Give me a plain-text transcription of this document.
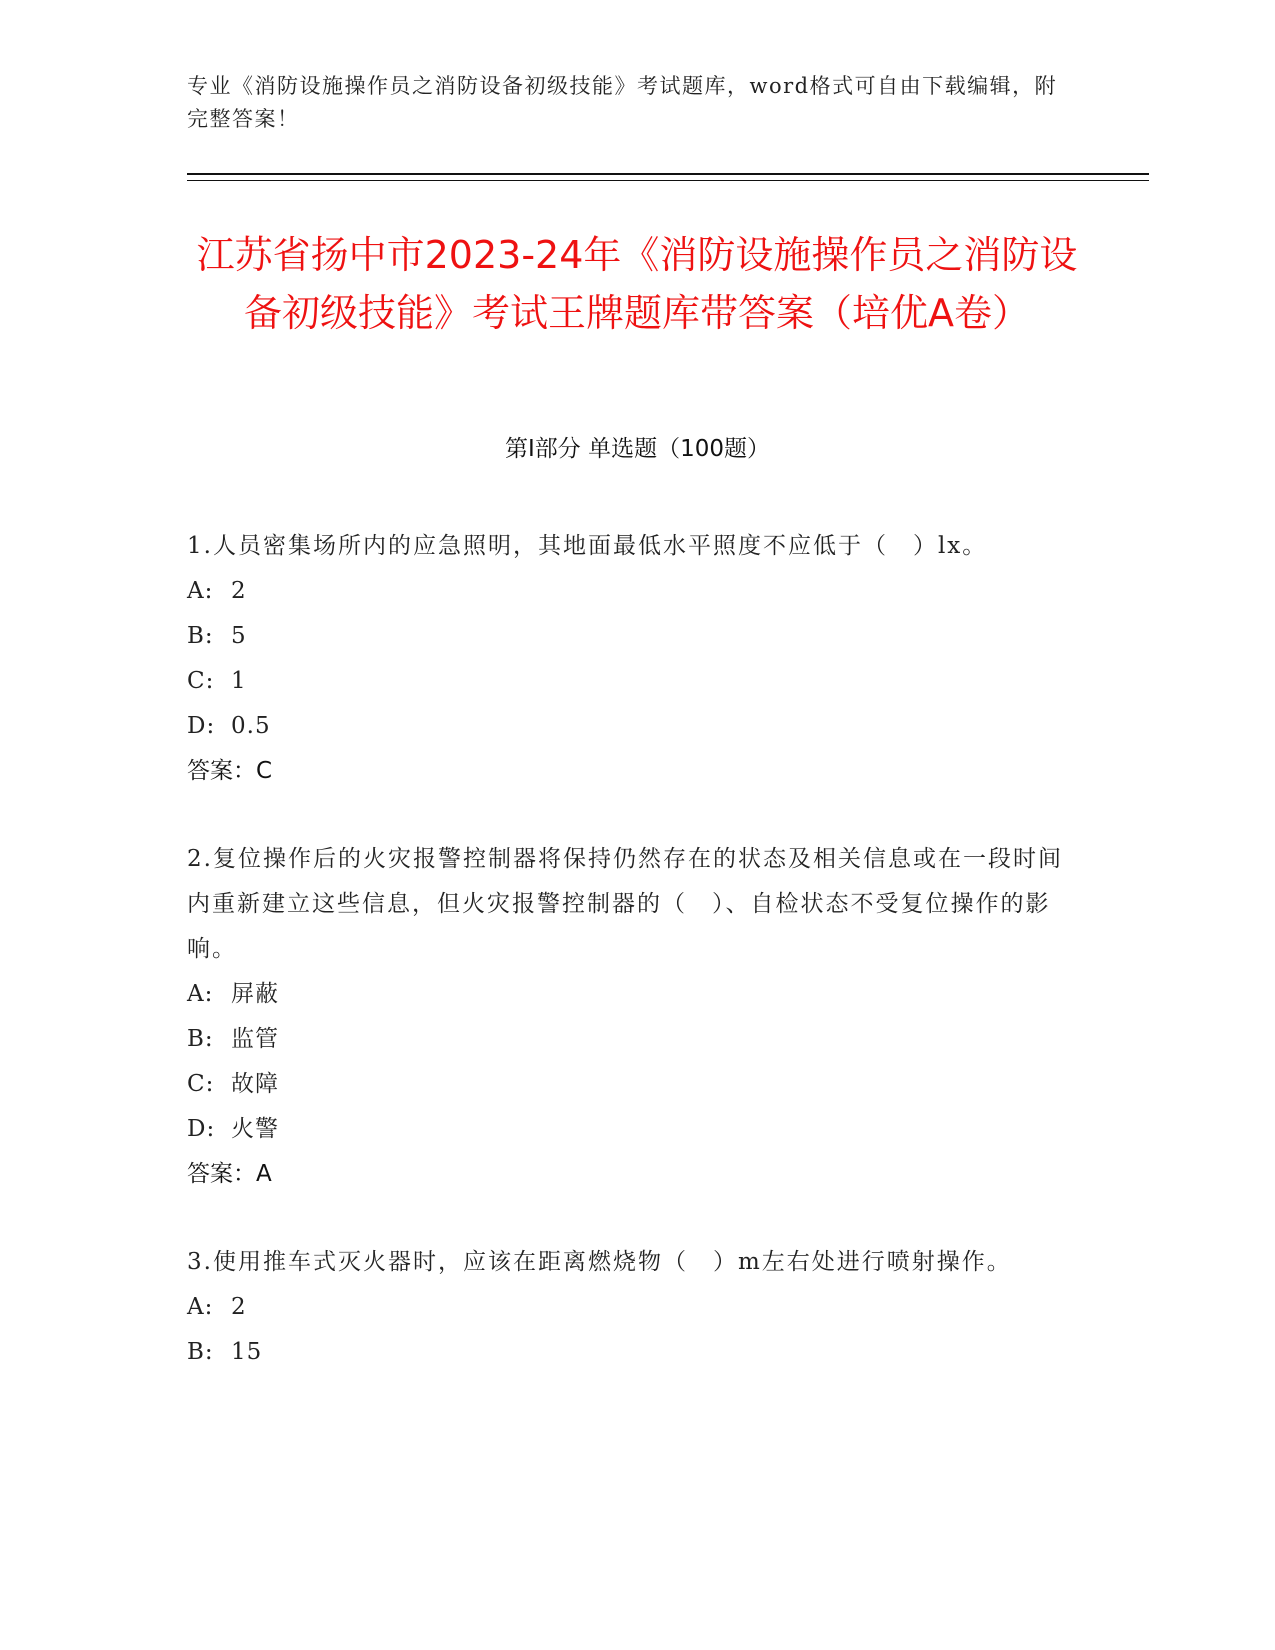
专业《消防设施操作员之消防设备初级技能》考试题库，word格式可自由下载编辑，附完整答案！
江苏省扬中市2023-24年《消防设施操作员之消防设备初级技能》考试王牌题库带答案（培优A卷）
第I部分 单选题（100题）

1.人员密集场所内的应急照明，其地面最低水平照度不应低于（　）lx。

A: 2
B: 5
C: 1
D: 0.5

答案：C

2.复位操作后的火灾报警控制器将保持仍然存在的状态及相关信息或在一段时间内重新建立这些信息，但火灾报警控制器的（　）、自检状态不受复位操作的影响。

A: 屏蔽
B: 监管
C: 故障
D: 火警

答案：A

3.使用推车式灭火器时，应该在距离燃烧物（　）m左右处进行喷射操作。

A: 2
B: 15
